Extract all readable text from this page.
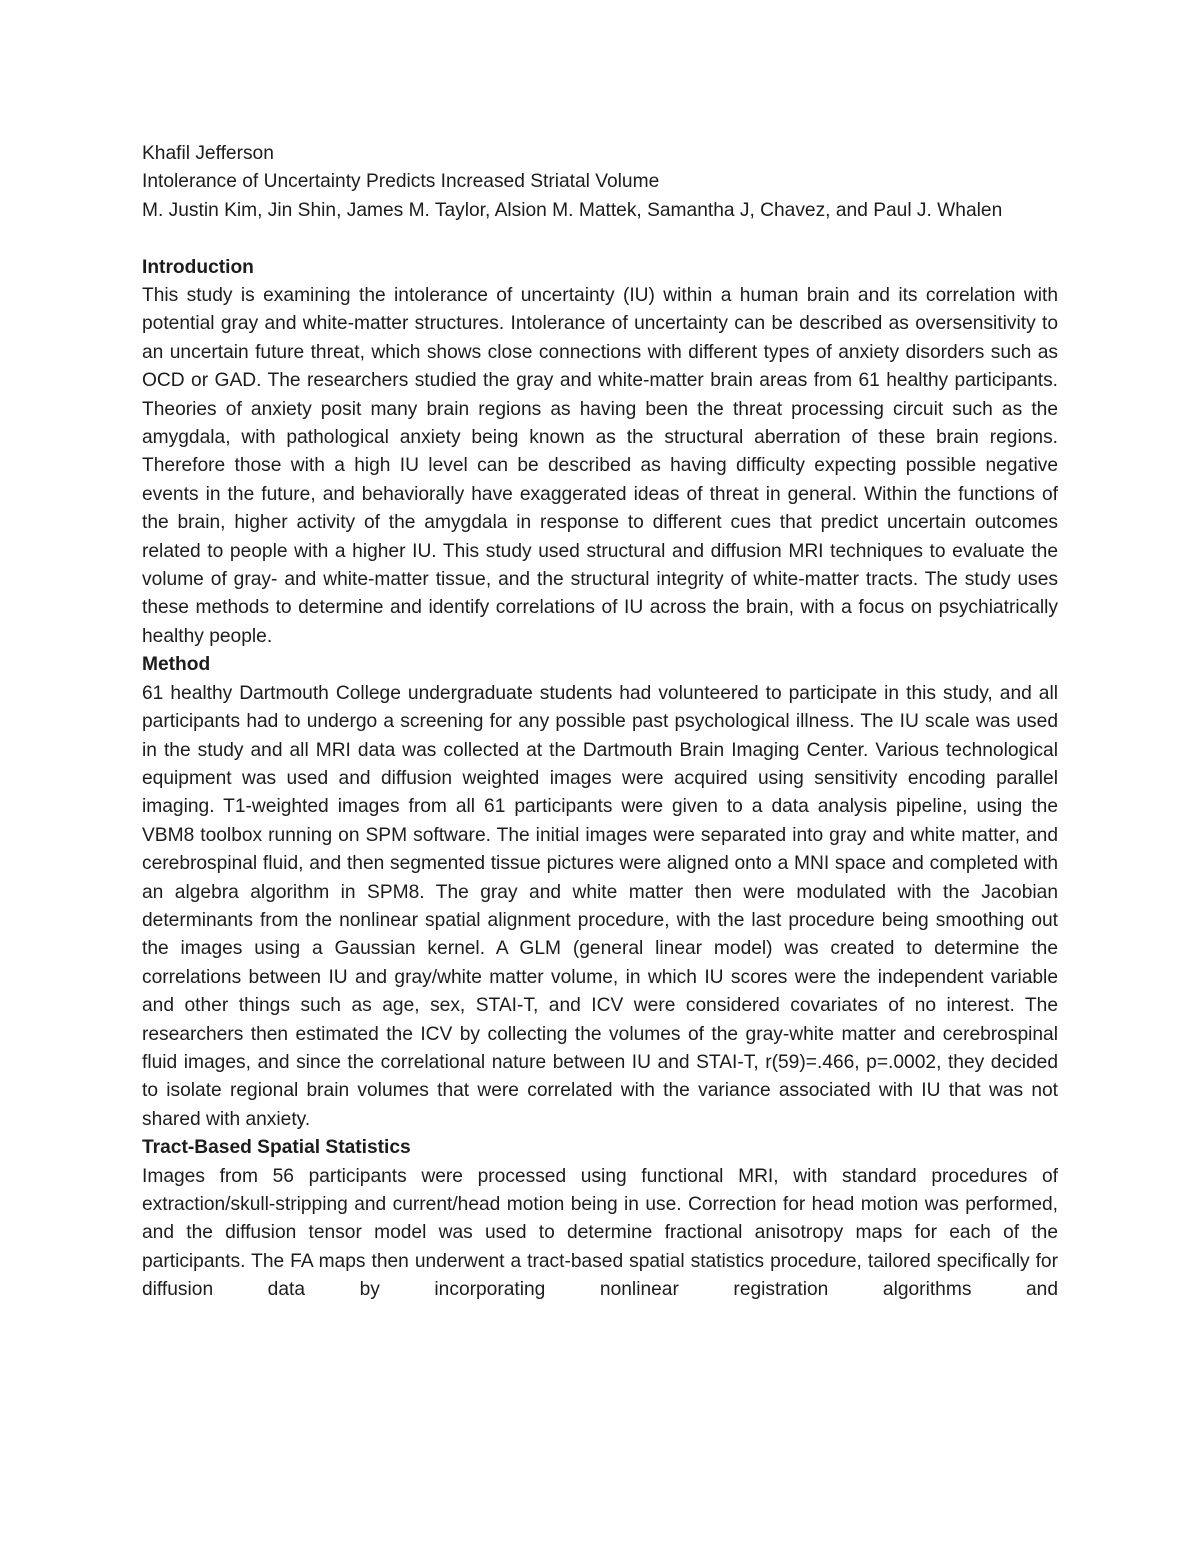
Khafil Jefferson

Intolerance of Uncertainty Predicts Increased Striatal Volume

M. Justin Kim, Jin Shin, James M. Taylor, Alsion M. Mattek, Samantha J, Chavez, and Paul J. Whalen

Introduction

This study is examining the intolerance of uncertainty (IU) within a human brain and its correlation with potential gray and white-matter structures. Intolerance of uncertainty can be described as oversensitivity to an uncertain future threat, which shows close connections with different types of anxiety disorders such as OCD or GAD. The researchers studied the gray and white-matter brain areas from 61 healthy participants. Theories of anxiety posit many brain regions as having been the threat processing circuit such as the amygdala, with pathological anxiety being known as the structural aberration of these brain regions. Therefore those with a high IU level can be described as having difficulty expecting possible negative events in the future, and behaviorally have exaggerated ideas of threat in general. Within the functions of the brain, higher activity of the amygdala in response to different cues that predict uncertain outcomes related to people with a higher IU. This study used structural and diffusion MRI techniques to evaluate the volume of gray- and white-matter tissue, and the structural integrity of white-matter tracts. The study uses these methods to determine and identify correlations of IU across the brain, with a focus on psychiatrically healthy people.

Method

61 healthy Dartmouth College undergraduate students had volunteered to participate in this study, and all participants had to undergo a screening for any possible past psychological illness. The IU scale was used in the study and all MRI data was collected at the Dartmouth Brain Imaging Center. Various technological equipment was used and diffusion weighted images were acquired using sensitivity encoding parallel imaging. T1-weighted images from all 61 participants were given to a data analysis pipeline, using the VBM8 toolbox running on SPM software. The initial images were separated into gray and white matter, and cerebrospinal fluid, and then segmented tissue pictures were aligned onto a MNI space and completed with an algebra algorithm in SPM8. The gray and white matter then were modulated with the Jacobian determinants from the nonlinear spatial alignment procedure, with the last procedure being smoothing out the images using a Gaussian kernel. A GLM (general linear model) was created to determine the correlations between IU and gray/white matter volume, in which IU scores were the independent variable and other things such as age, sex, STAI-T, and ICV were considered covariates of no interest. The researchers then estimated the ICV by collecting the volumes of the gray-white matter and cerebrospinal fluid images, and since the correlational nature between IU and STAI-T, r(59)=.466, p=.0002, they decided to isolate regional brain volumes that were correlated with the variance associated with IU that was not shared with anxiety.

Tract-Based Spatial Statistics

Images from 56 participants were processed using functional MRI, with standard procedures of extraction/skull-stripping and current/head motion being in use. Correction for head motion was performed, and the diffusion tensor model was used to determine fractional anisotropy maps for each of the participants. The FA maps then underwent a tract-based spatial statistics procedure, tailored specifically for diffusion data by incorporating nonlinear registration algorithms and
